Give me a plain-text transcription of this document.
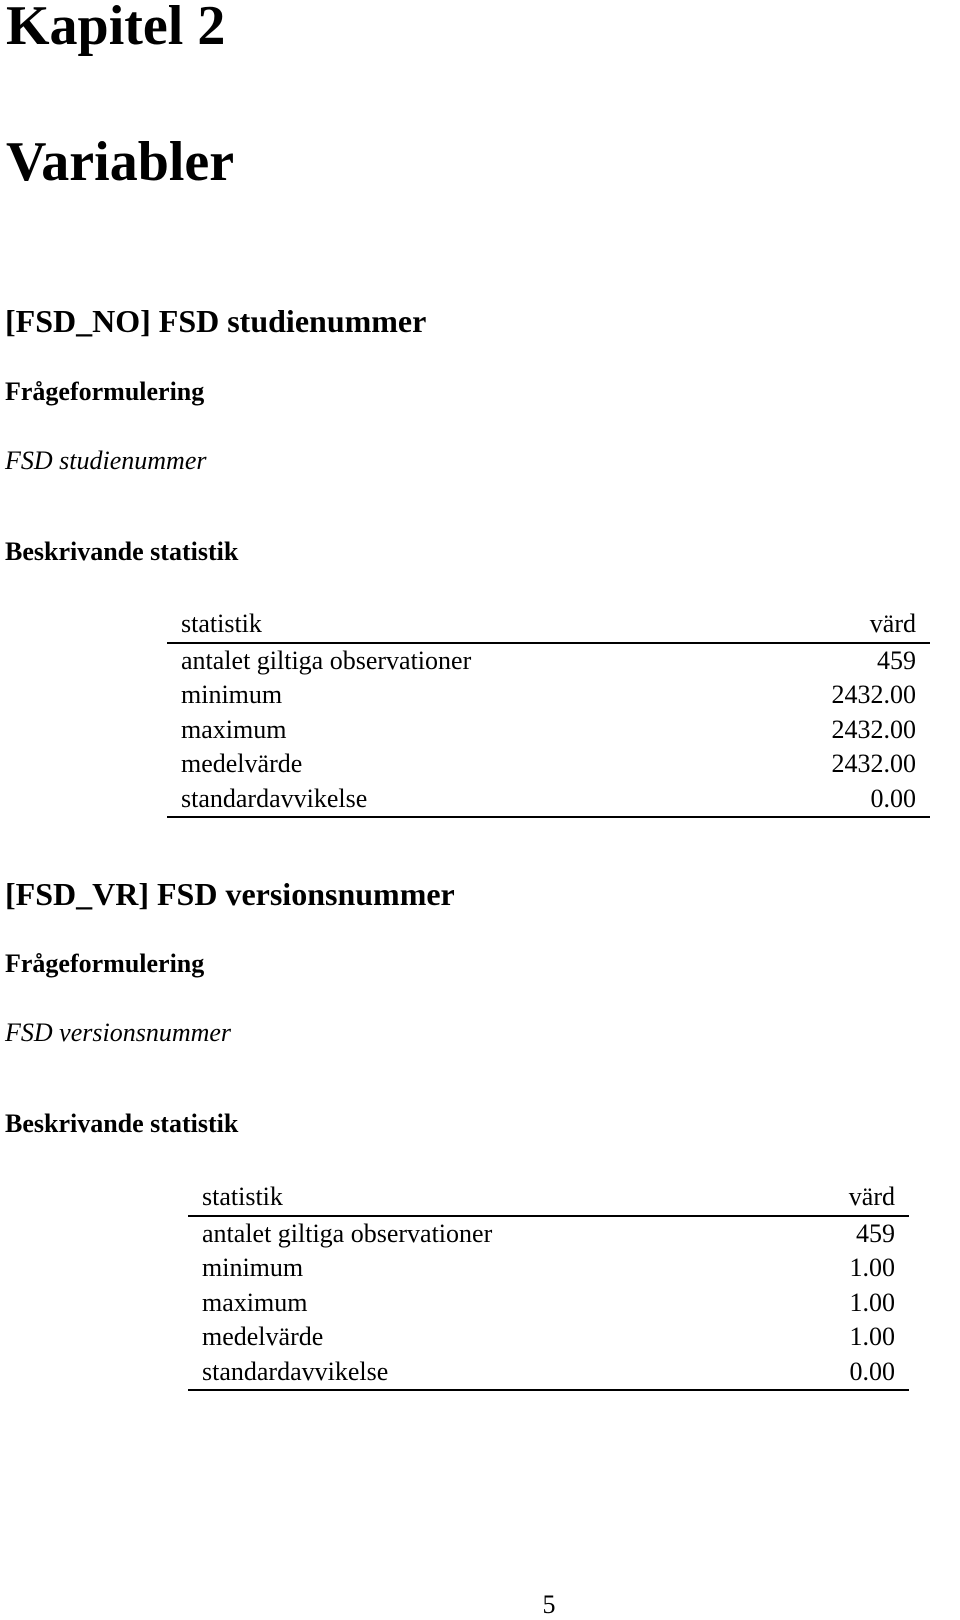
Kapitel 2
Variabler
[FSD_NO] FSD studienummer
Frågeformulering
FSD studienummer
Beskrivande statistik
statistik	värd
antalet giltiga observationer	459
minimum	2432.00
maximum	2432.00
medelvärde	2432.00
standardavvikelse	0.00
[FSD_VR] FSD versionsnummer
Frågeformulering
FSD versionsnummer
Beskrivande statistik
statistik	värd
antalet giltiga observationer	459
minimum	1.00
maximum	1.00
medelvärde	1.00
standardavvikelse	0.00
5
